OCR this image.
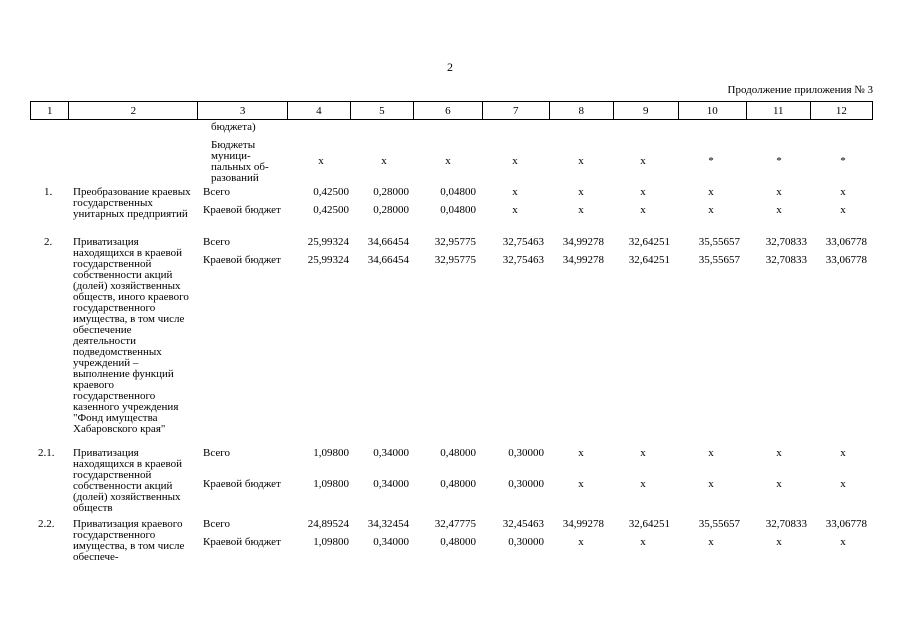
2
Продолжение приложения № 3
1	2	3	4	5	6	7	8	9	10	11	12
бюджета)
Бюджеты муници-пальных об-разований
x	x	x	x	x	x	*	*	*
1. Преобразование краевых государственных унитарных предприятий
Всего	0,42500 0,28000	0,04800	x	x	x	x	x	x
Краевой бюджет	0,42500 0,28000	0,04800	x	x	x	x	x	x
2. Приватизация находящихся в краевой государственной собственности акций (долей) хозяйственных обществ, иного краевого государственного имущества, в том числе обеспечение деятельности подведомственных учреждений – выполнение функций краевого государственного казенного учреждения "Фонд имущества Хабаровского края"
Всего	25,99324 34,66454 32,95775 32,75463 34,99278 32,64251	35,55657 32,70833 33,06778
Краевой бюджет 25,99324 34,66454 32,95775 32,75463 34,99278 32,64251	35,55657 32,70833 33,06778
2.1. Приватизация находящихся в краевой государственной собственности акций (долей) хозяйственных обществ
Всего	1,09800 0,34000	0,48000	0,30000	x	x	x	x	x
Краевой бюджет	1,09800 0,34000	0,48000	0,30000	x	x	x	x	x
2.2. Приватизация краевого государственного имущества, в том числе обеспече-
Всего	24,89524 34,32454 32,47775 32,45463 34,99278 32,64251	35,55657 32,70833 33,06778
Краевой бюджет	1,09800 0,34000	0,48000	0,30000	x	x	x	x	x
